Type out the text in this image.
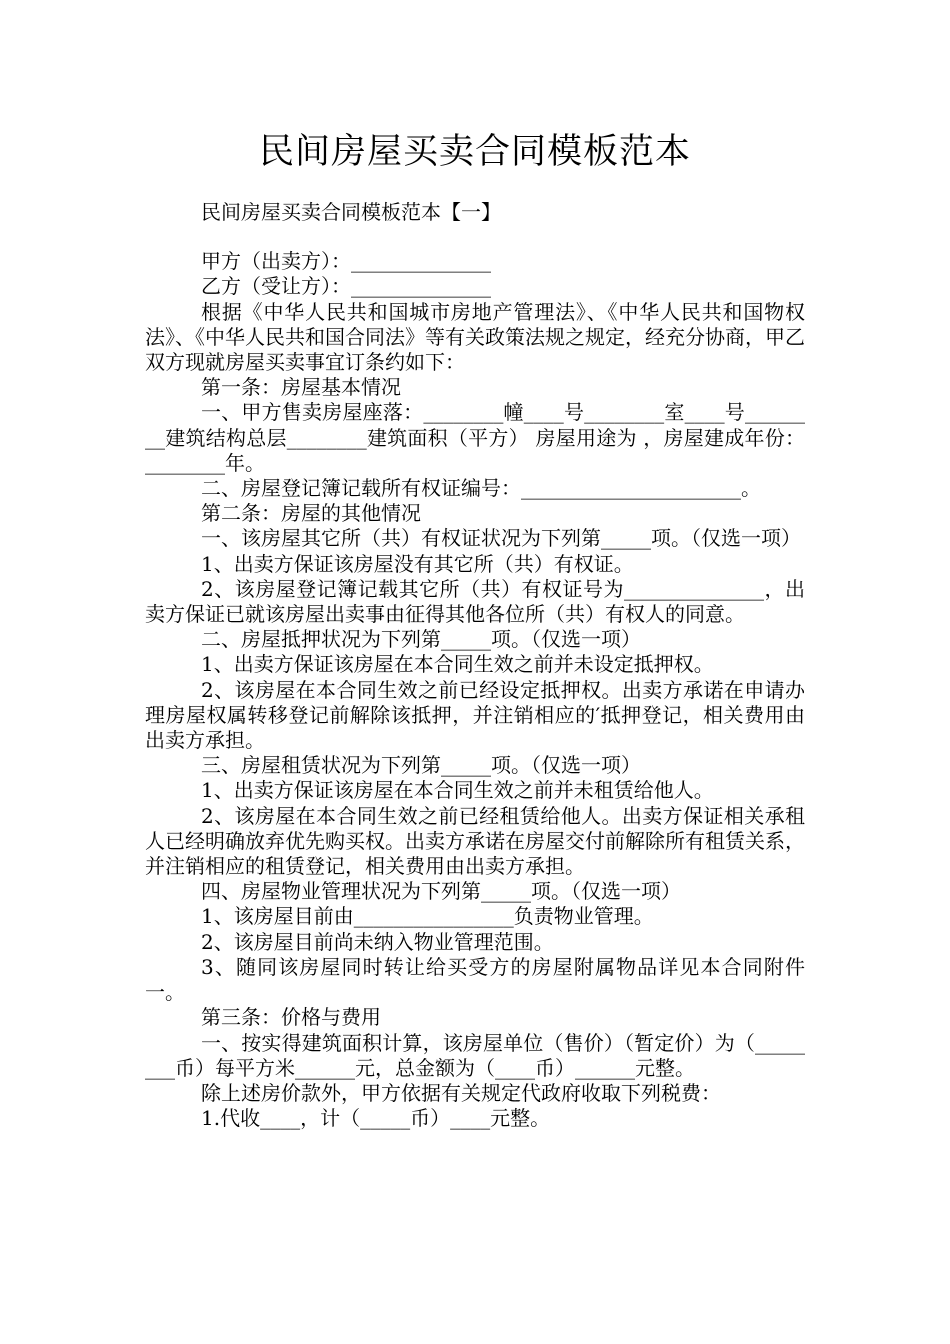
民间房屋买卖合同模板范本

民间房屋买卖合同模板范本【一】

甲方（出卖方）：______________

乙方（受让方）：______________

根据《中华人民共和国城市房地产管理法》、《中华人民共和国物权法》、《中华人民共和国合同法》等有关政策法规之规定，经充分协商，甲乙双方现就房屋买卖事宜订条约如下：

第一条：房屋基本情况

一、甲方售卖房屋座落：________幢____号________室____号________建筑结构总层________建筑面积（平方） 房屋用途为 ，房屋建成年份：________年。

二、房屋登记簿记载所有权证编号：______________________。

第二条：房屋的其他情况

一、该房屋其它所（共）有权证状况为下列第_____项。（仅选一项）

1、出卖方保证该房屋没有其它所（共）有权证。

2、该房屋登记簿记载其它所（共）有权证号为______________，出卖方保证已就该房屋出卖事由征得其他各位所（共）有权人的同意。

二、房屋抵押状况为下列第_____项。（仅选一项）

1、出卖方保证该房屋在本合同生效之前并未设定抵押权。

2、该房屋在本合同生效之前已经设定抵押权。出卖方承诺在申请办理房屋权属转移登记前解除该抵押，并注销相应的′抵押登记，相关费用由出卖方承担。

三、房屋租赁状况为下列第_____项。（仅选一项）

1、出卖方保证该房屋在本合同生效之前并未租赁给他人。

2、该房屋在本合同生效之前已经租赁给他人。出卖方保证相关承租人已经明确放弃优先购买权。出卖方承诺在房屋交付前解除所有租赁关系，并注销相应的租赁登记，相关费用由出卖方承担。

四、房屋物业管理状况为下列第_____项。（仅选一项）

1、该房屋目前由________________负责物业管理。

2、该房屋目前尚未纳入物业管理范围。

3、随同该房屋同时转让给买受方的房屋附属物品详见本合同附件一。

第三条：价格与费用

一、按实得建筑面积计算，该房屋单位（售价）（暂定价）为（________币）每平方米______元，总金额为（____币）______元整。

除上述房价款外，甲方依据有关规定代政府收取下列税费：

1.代收____，计（_____币）____元整。
